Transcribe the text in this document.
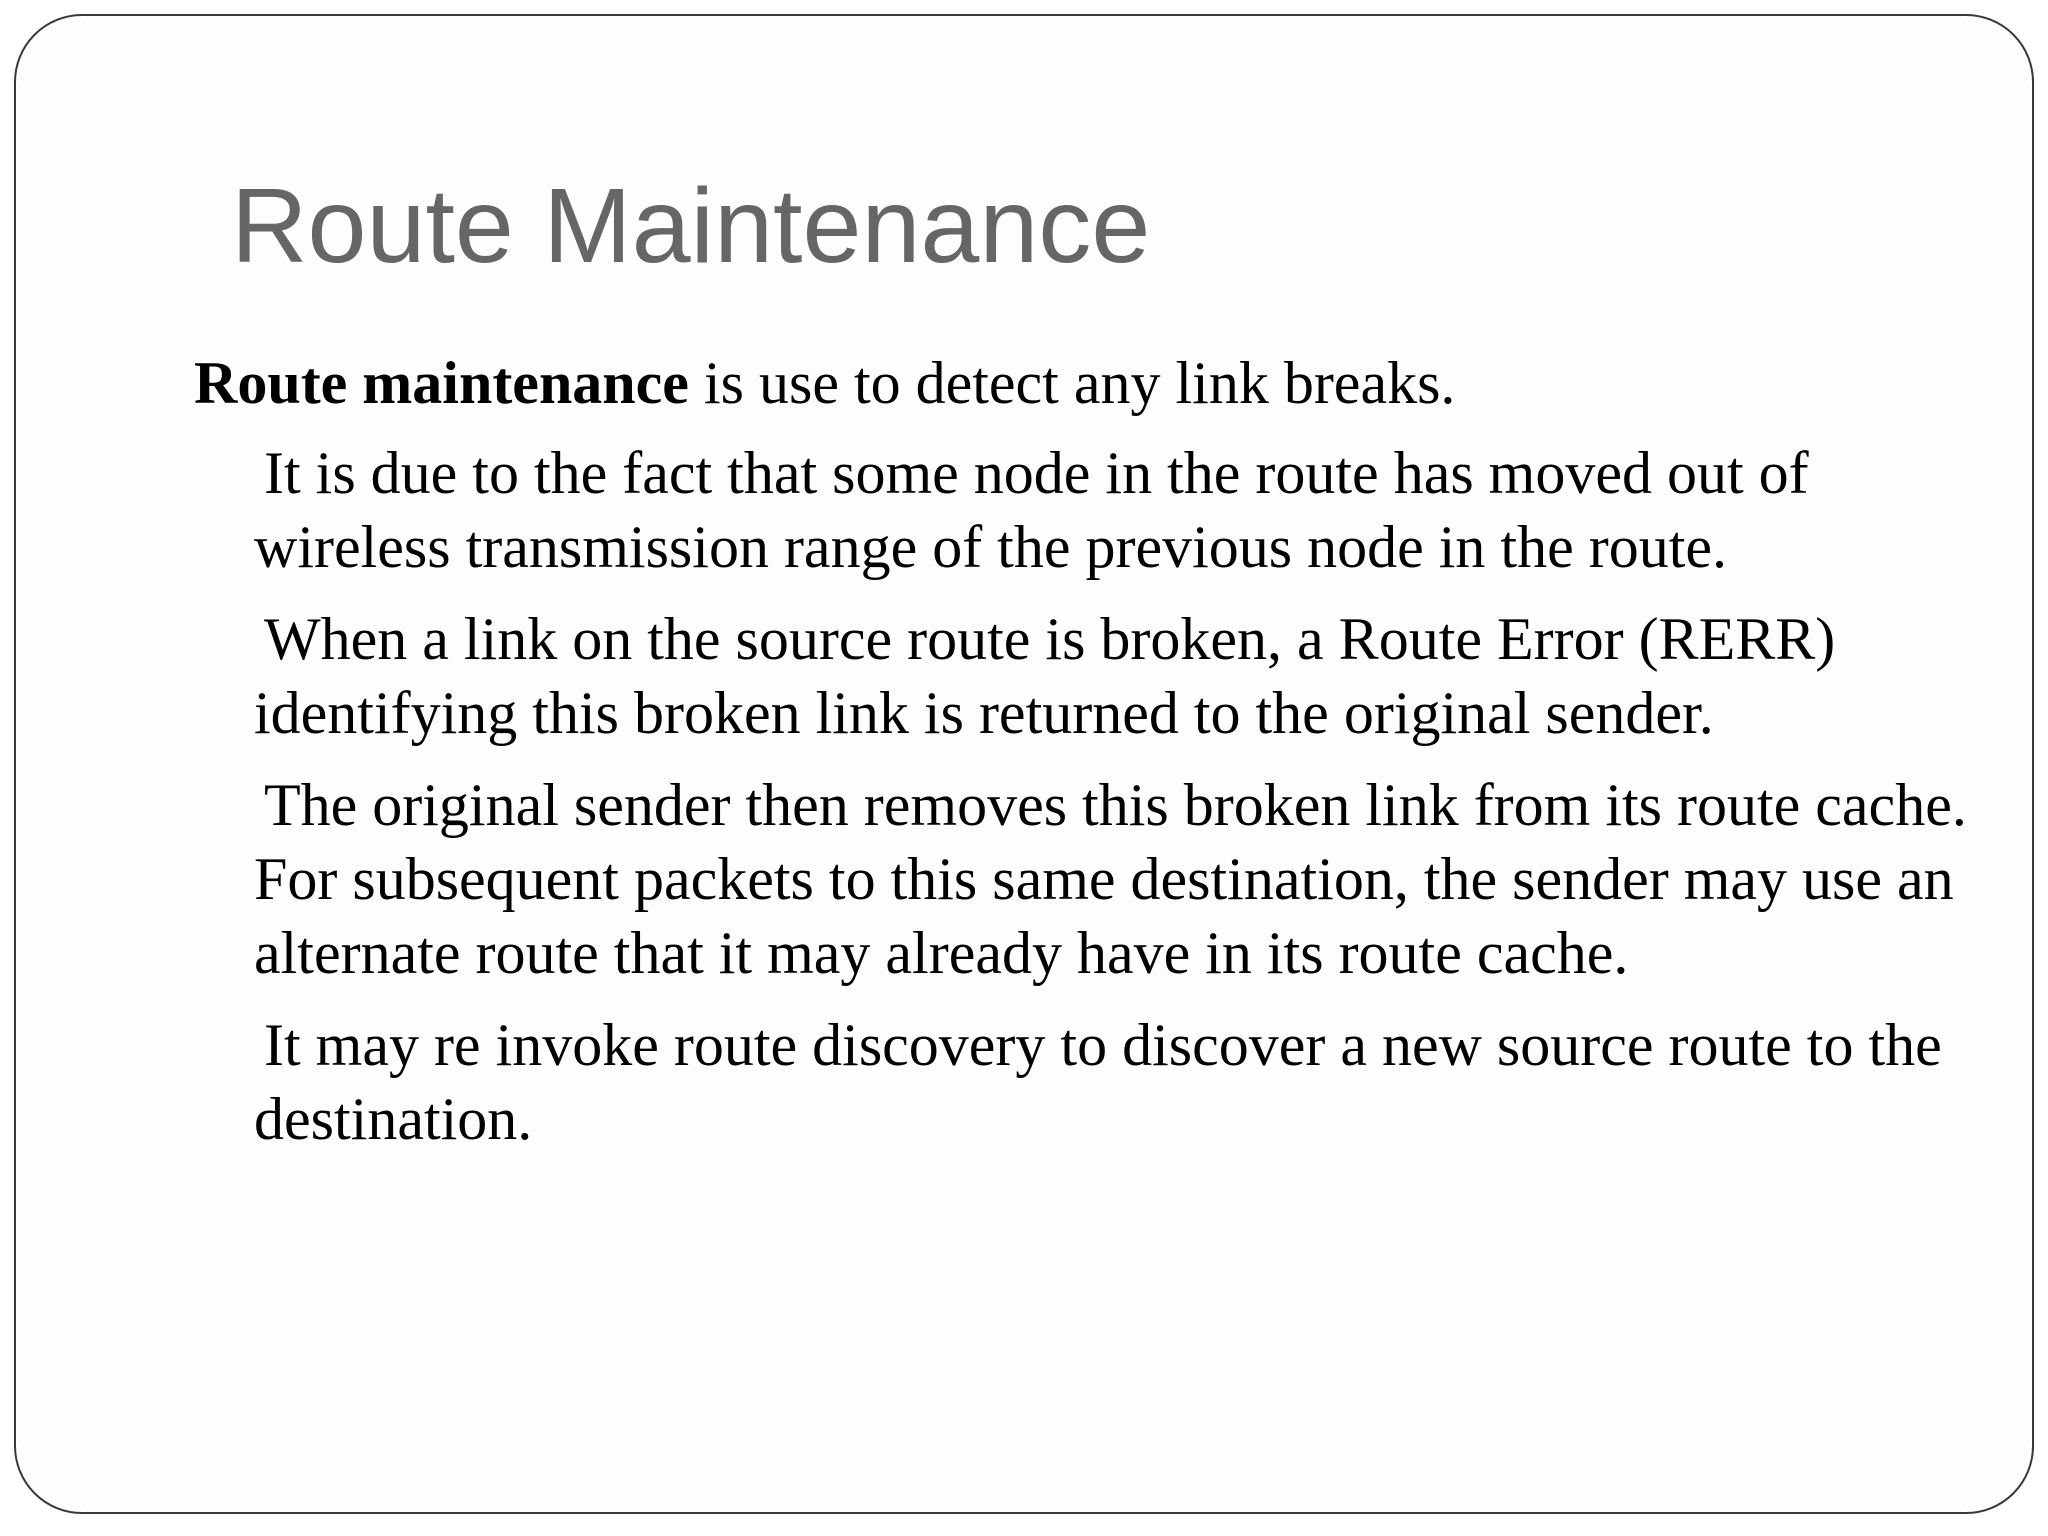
Route Maintenance

Route maintenance is use to detect any link breaks.

It is due to the fact that some node in the route has moved out of wireless transmission range of the previous node in the route.

When a link on the source route is broken, a Route Error (RERR) identifying this broken link is returned to the original sender.

The original sender then removes this broken link from its route cache. For subsequent packets to this same destination, the sender may use an alternate route that it may already have in its route cache.

It may re invoke route discovery to discover a new source route to the destination.
